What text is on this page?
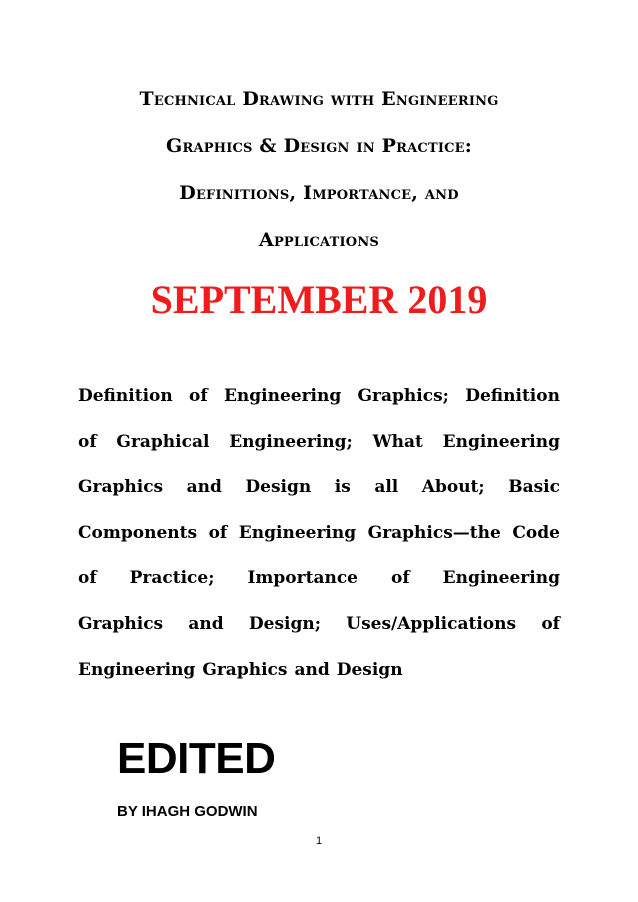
Technical Drawing with Engineering
Graphics & Design in Practice:
Definitions, Importance, and
Applications
SEPTEMBER 2019
Definition of Engineering Graphics; Definition
of Graphical Engineering; What Engineering
Graphics and Design is all About; Basic
Components of Engineering Graphics—the Code
of Practice; Importance of Engineering
Graphics and Design; Uses/Applications of
Engineering Graphics and Design
EDITED
BY IHAGH GODWIN
1
